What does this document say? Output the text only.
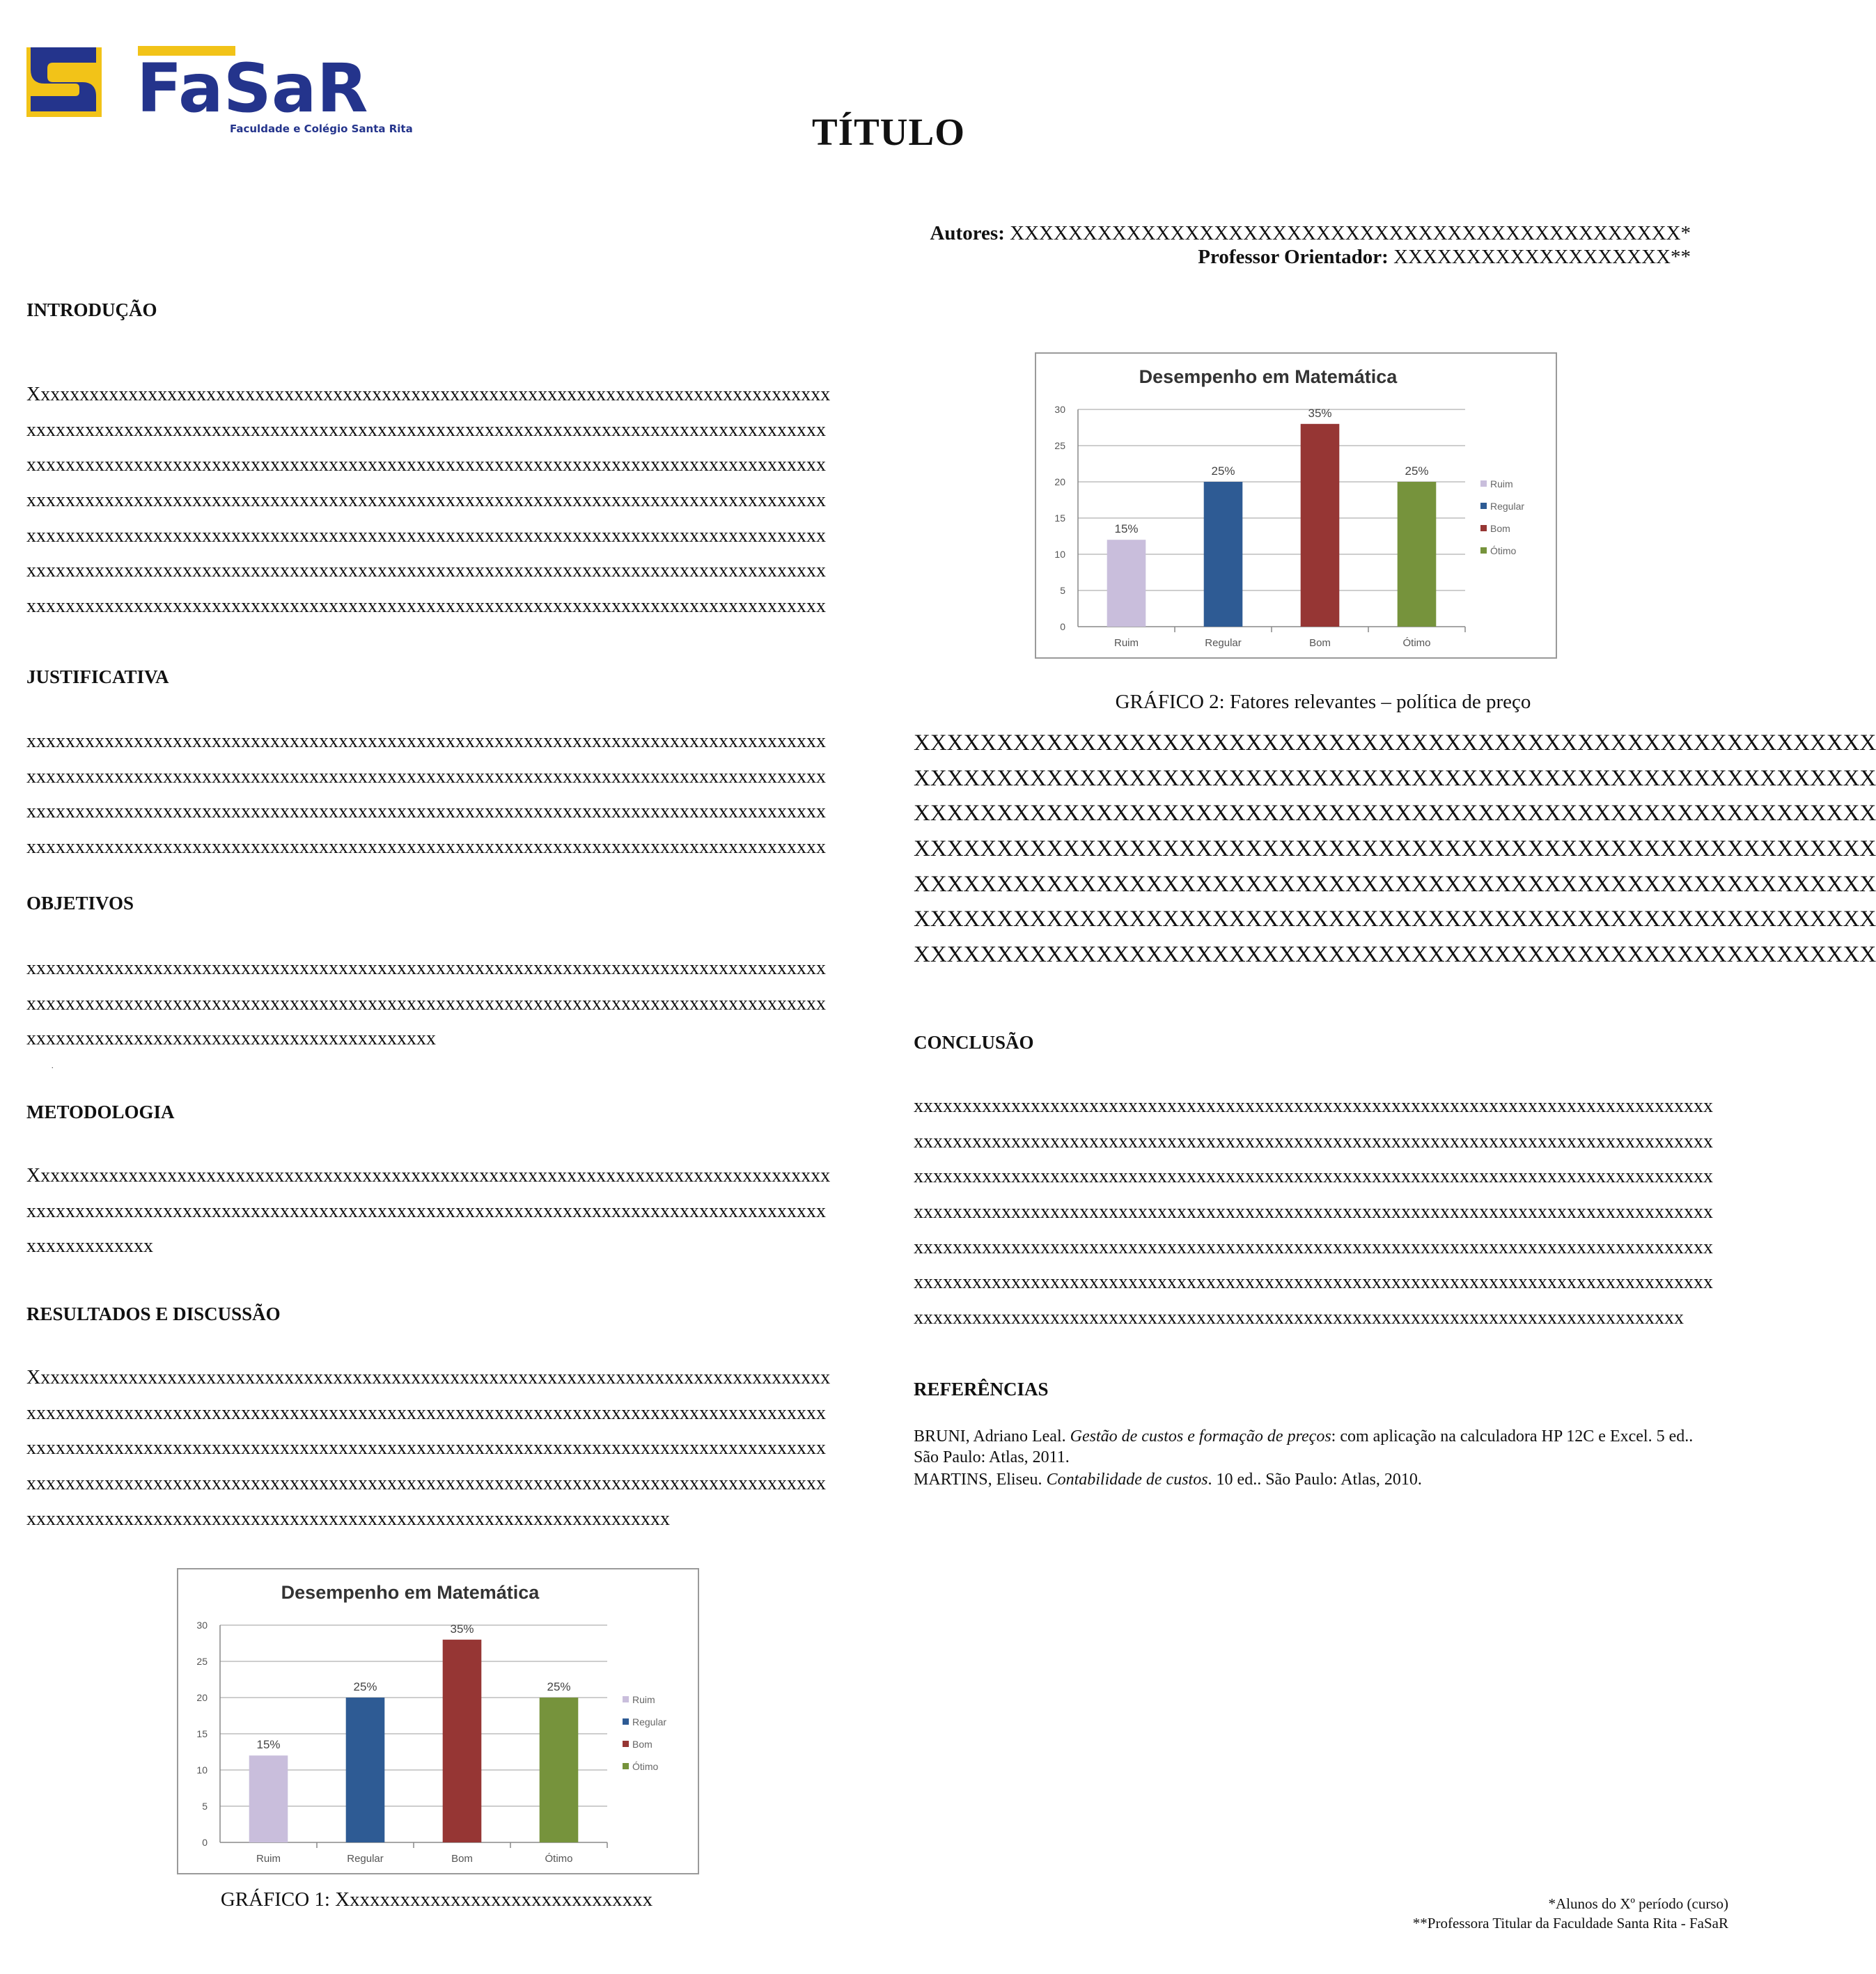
FaSaR
Faculdade e Colégio Santa Rita	TÍTULO
Autores: XXXXXXXXXXXXXXXXXXXXXXXXXXXXXXXXXXXXXXXXXXXXXX*
Professor Orientador: XXXXXXXXXXXXXXXXXXX**
INTRODUÇÃO
Xxxxxxxxxxxxxxxxxxxxxxxxxxxxxxxxxxxxxxxxxxxxxxxxxxxxxxxxxxxxxxxxxxxxxxxxxxxxxxxxxx
xxxxxxxxxxxxxxxxxxxxxxxxxxxxxxxxxxxxxxxxxxxxxxxxxxxxxxxxxxxxxxxxxxxxxxxxxxxxxxxxxx
xxxxxxxxxxxxxxxxxxxxxxxxxxxxxxxxxxxxxxxxxxxxxxxxxxxxxxxxxxxxxxxxxxxxxxxxxxxxxxxxxx
xxxxxxxxxxxxxxxxxxxxxxxxxxxxxxxxxxxxxxxxxxxxxxxxxxxxxxxxxxxxxxxxxxxxxxxxxxxxxxxxxx
xxxxxxxxxxxxxxxxxxxxxxxxxxxxxxxxxxxxxxxxxxxxxxxxxxxxxxxxxxxxxxxxxxxxxxxxxxxxxxxxxx
xxxxxxxxxxxxxxxxxxxxxxxxxxxxxxxxxxxxxxxxxxxxxxxxxxxxxxxxxxxxxxxxxxxxxxxxxxxxxxxxxx
xxxxxxxxxxxxxxxxxxxxxxxxxxxxxxxxxxxxxxxxxxxxxxxxxxxxxxxxxxxxxxxxxxxxxxxxxxxxxxxxxx
JUSTIFICATIVA
xxxxxxxxxxxxxxxxxxxxxxxxxxxxxxxxxxxxxxxxxxxxxxxxxxxxxxxxxxxxxxxxxxxxxxxxxxxxxxxxxx
xxxxxxxxxxxxxxxxxxxxxxxxxxxxxxxxxxxxxxxxxxxxxxxxxxxxxxxxxxxxxxxxxxxxxxxxxxxxxxxxxx
xxxxxxxxxxxxxxxxxxxxxxxxxxxxxxxxxxxxxxxxxxxxxxxxxxxxxxxxxxxxxxxxxxxxxxxxxxxxxxxxxx
xxxxxxxxxxxxxxxxxxxxxxxxxxxxxxxxxxxxxxxxxxxxxxxxxxxxxxxxxxxxxxxxxxxxxxxxxxxxxxxxxx
OBJETIVOS
xxxxxxxxxxxxxxxxxxxxxxxxxxxxxxxxxxxxxxxxxxxxxxxxxxxxxxxxxxxxxxxxxxxxxxxxxxxxxxxxxx
xxxxxxxxxxxxxxxxxxxxxxxxxxxxxxxxxxxxxxxxxxxxxxxxxxxxxxxxxxxxxxxxxxxxxxxxxxxxxxxxxx
xxxxxxxxxxxxxxxxxxxxxxxxxxxxxxxxxxxxxxxxxx
.
METODOLOGIA
Xxxxxxxxxxxxxxxxxxxxxxxxxxxxxxxxxxxxxxxxxxxxxxxxxxxxxxxxxxxxxxxxxxxxxxxxxxxxxxxxxx
xxxxxxxxxxxxxxxxxxxxxxxxxxxxxxxxxxxxxxxxxxxxxxxxxxxxxxxxxxxxxxxxxxxxxxxxxxxxxxxxxx
xxxxxxxxxxxxx
RESULTADOS E DISCUSSÃO
Xxxxxxxxxxxxxxxxxxxxxxxxxxxxxxxxxxxxxxxxxxxxxxxxxxxxxxxxxxxxxxxxxxxxxxxxxxxxxxxxxx
xxxxxxxxxxxxxxxxxxxxxxxxxxxxxxxxxxxxxxxxxxxxxxxxxxxxxxxxxxxxxxxxxxxxxxxxxxxxxxxxxx
xxxxxxxxxxxxxxxxxxxxxxxxxxxxxxxxxxxxxxxxxxxxxxxxxxxxxxxxxxxxxxxxxxxxxxxxxxxxxxxxxx
xxxxxxxxxxxxxxxxxxxxxxxxxxxxxxxxxxxxxxxxxxxxxxxxxxxxxxxxxxxxxxxxxxxxxxxxxxxxxxxxxx
xxxxxxxxxxxxxxxxxxxxxxxxxxxxxxxxxxxxxxxxxxxxxxxxxxxxxxxxxxxxxxxxxx
Desempenho em Matemática
0
5
10
15
20
25
30
15%
Ruim
25%
Regular
35%
Bom
25%
Ótimo
Ruim
Regular
Bom
Ótimo
GRÁFICO 1: Xxxxxxxxxxxxxxxxxxxxxxxxxxxxxxx
Desempenho em Matemática
0
5
10
15
20
25
30
15%
Ruim
25%
Regular
35%
Bom
25%
Ótimo
Ruim
Regular
Bom
Ótimo
GRÁFICO 2: Fatores relevantes – política de preço
XXXXXXXXXXXXXXXXXXXXXXXXXXXXXXXXXXXXXXXXXXXXXXXXXXXXXXXXXX
XXXXXXXXXXXXXXXXXXXXXXXXXXXXXXXXXXXXXXXXXXXXXXXXXXXXXXXXXX
XXXXXXXXXXXXXXXXXXXXXXXXXXXXXXXXXXXXXXXXXXXXXXXXXXXXXXXXXX
XXXXXXXXXXXXXXXXXXXXXXXXXXXXXXXXXXXXXXXXXXXXXXXXXXXXXXXXXX
XXXXXXXXXXXXXXXXXXXXXXXXXXXXXXXXXXXXXXXXXXXXXXXXXXXXXXXXXX
XXXXXXXXXXXXXXXXXXXXXXXXXXXXXXXXXXXXXXXXXXXXXXXXXXXXXXXXXX
XXXXXXXXXXXXXXXXXXXXXXXXXXXXXXXXXXXXXXXXXXXXXXXXXXXXXXXXXX
CONCLUSÃO
xxxxxxxxxxxxxxxxxxxxxxxxxxxxxxxxxxxxxxxxxxxxxxxxxxxxxxxxxxxxxxxxxxxxxxxxxxxxxxxxxx
xxxxxxxxxxxxxxxxxxxxxxxxxxxxxxxxxxxxxxxxxxxxxxxxxxxxxxxxxxxxxxxxxxxxxxxxxxxxxxxxxx
xxxxxxxxxxxxxxxxxxxxxxxxxxxxxxxxxxxxxxxxxxxxxxxxxxxxxxxxxxxxxxxxxxxxxxxxxxxxxxxxxx
xxxxxxxxxxxxxxxxxxxxxxxxxxxxxxxxxxxxxxxxxxxxxxxxxxxxxxxxxxxxxxxxxxxxxxxxxxxxxxxxxx
xxxxxxxxxxxxxxxxxxxxxxxxxxxxxxxxxxxxxxxxxxxxxxxxxxxxxxxxxxxxxxxxxxxxxxxxxxxxxxxxxx
xxxxxxxxxxxxxxxxxxxxxxxxxxxxxxxxxxxxxxxxxxxxxxxxxxxxxxxxxxxxxxxxxxxxxxxxxxxxxxxxxx
xxxxxxxxxxxxxxxxxxxxxxxxxxxxxxxxxxxxxxxxxxxxxxxxxxxxxxxxxxxxxxxxxxxxxxxxxxxxxxx
REFERÊNCIAS

BRUNI, Adriano Leal. Gestão de custos e formação de preços: com aplicação na calculadora HP 12C e Excel. 5 ed.. São Paulo: Atlas, 2011.

MARTINS, Eliseu. Contabilidade de custos. 10 ed.. São Paulo: Atlas, 2010.

*Alunos do Xº período (curso)
**Professora Titular da Faculdade Santa Rita - FaSaR
